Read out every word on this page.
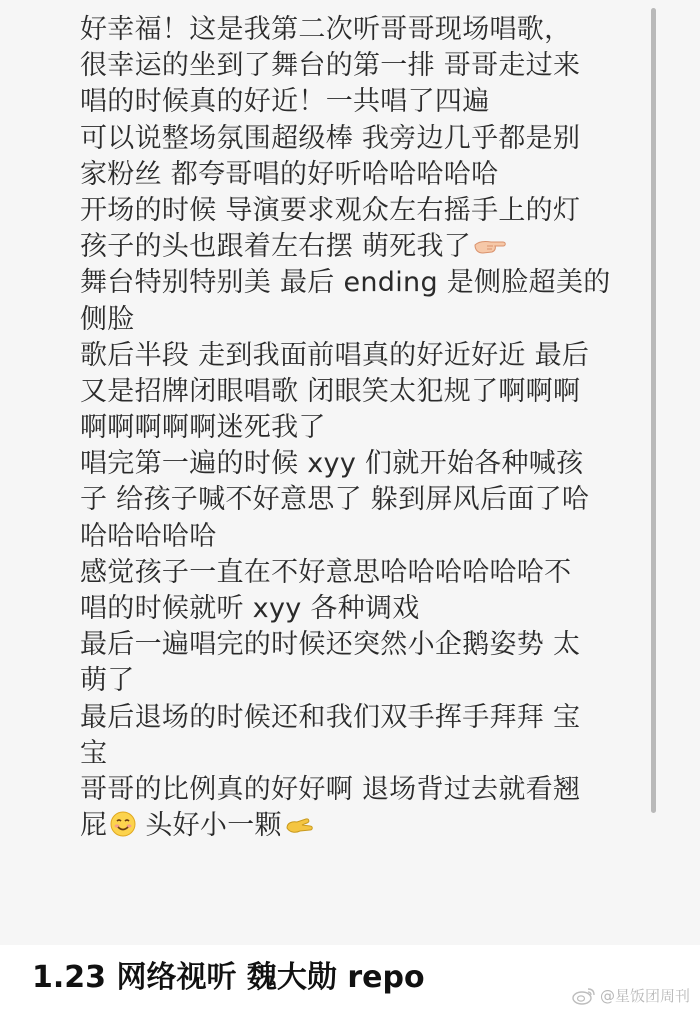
好幸福！这是我第二次听哥哥现场唱歌，
很幸运的坐到了舞台的第一排 哥哥走过来
唱的时候真的好近！一共唱了四遍
可以说整场氛围超级棒 我旁边几乎都是别
家粉丝 都夸哥唱的好听哈哈哈哈哈
开场的时候 导演要求观众左右摇手上的灯
孩子的头也跟着左右摆 萌死我了
舞台特别特别美 最后 ending 是侧脸超美的
侧脸
歌后半段 走到我面前唱真的好近好近 最后
又是招牌闭眼唱歌 闭眼笑太犯规了啊啊啊
啊啊啊啊啊迷死我了
唱完第一遍的时候 xyy 们就开始各种喊孩
子 给孩子喊不好意思了 躲到屏风后面了哈
哈哈哈哈哈
感觉孩子一直在不好意思哈哈哈哈哈哈不
唱的时候就听 xyy 各种调戏
最后一遍唱完的时候还突然小企鹅姿势 太
萌了
最后退场的时候还和我们双手挥手拜拜 宝
宝
哥哥的比例真的好好啊 退场背过去就看翘
屁 头好小一颗
1.23 网络视听 魏大勋 repo
@星饭团周刊
